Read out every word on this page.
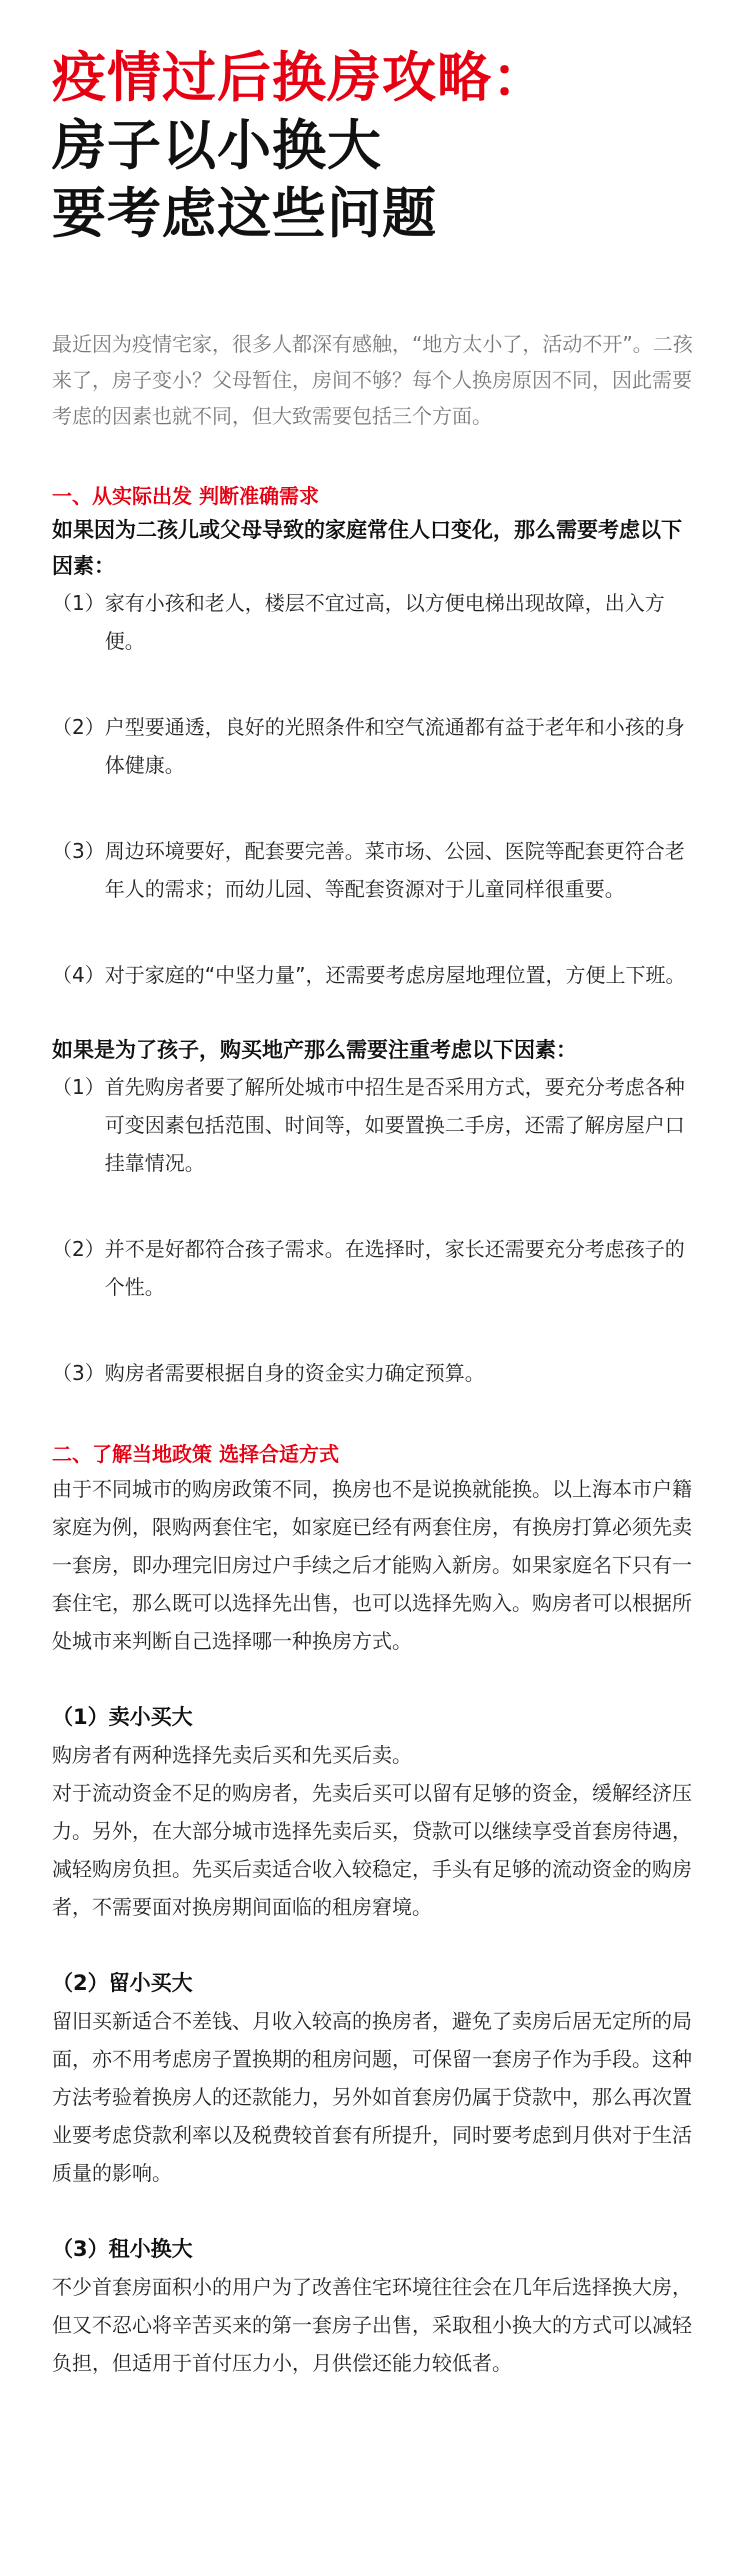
疫情过后换房攻略：
房子以小换大
要考虑这些问题

最近因为疫情宅家，很多人都深有感触，“地方太小了，活动不开”。二孩来了，房子变小？父母暂住，房间不够？每个人换房原因不同，因此需要考虑的因素也就不同，但大致需要包括三个方面。

一、从实际出发 判断准确需求

如果因为二孩儿或父母导致的家庭常住人口变化，那么需要考虑以下因素：

（1） 家有小孩和老人，楼层不宜过高，以方便电梯出现故障，出入方便。
（2） 户型要通透，良好的光照条件和空气流通都有益于老年和小孩的身体健康。
（3） 周边环境要好，配套要完善。菜市场、公园、医院等配套更符合老年人的需求；而幼儿园、等配套资源对于儿童同样很重要。
（4） 对于家庭的“中坚力量”，还需要考虑房屋地理位置，方便上下班。

如果是为了孩子，购买地产那么需要注重考虑以下因素：

（1） 首先购房者要了解所处城市中招生是否采用方式，要充分考虑各种可变因素包括范围、时间等，如要置换二手房，还需了解房屋户口挂靠情况。
（2） 并不是好都符合孩子需求。在选择时，家长还需要充分考虑孩子的个性。
（3） 购房者需要根据自身的资金实力确定预算。

二、了解当地政策 选择合适方式

由于不同城市的购房政策不同，换房也不是说换就能换。以上海本市户籍家庭为例，限购两套住宅，如家庭已经有两套住房，有换房打算必须先卖一套房，即办理完旧房过户手续之后才能购入新房。如果家庭名下只有一套住宅，那么既可以选择先出售，也可以选择先购入。购房者可以根据所处城市来判断自己选择哪一种换房方式。

（1）卖小买大

购房者有两种选择先卖后买和先买后卖。

对于流动资金不足的购房者，先卖后买可以留有足够的资金，缓解经济压力。另外，在大部分城市选择先卖后买，贷款可以继续享受首套房待遇，减轻购房负担。先买后卖适合收入较稳定，手头有足够的流动资金的购房者，不需要面对换房期间面临的租房窘境。

（2）留小买大

留旧买新适合不差钱、月收入较高的换房者，避免了卖房后居无定所的局面，亦不用考虑房子置换期的租房问题，可保留一套房子作为手段。这种方法考验着换房人的还款能力，另外如首套房仍属于贷款中，那么再次置业要考虑贷款利率以及税费较首套有所提升，同时要考虑到月供对于生活质量的影响。

（3）租小换大

不少首套房面积小的用户为了改善住宅环境往往会在几年后选择换大房，但又不忍心将辛苦买来的第一套房子出售，采取租小换大的方式可以减轻负担，但适用于首付压力小，月供偿还能力较低者。
